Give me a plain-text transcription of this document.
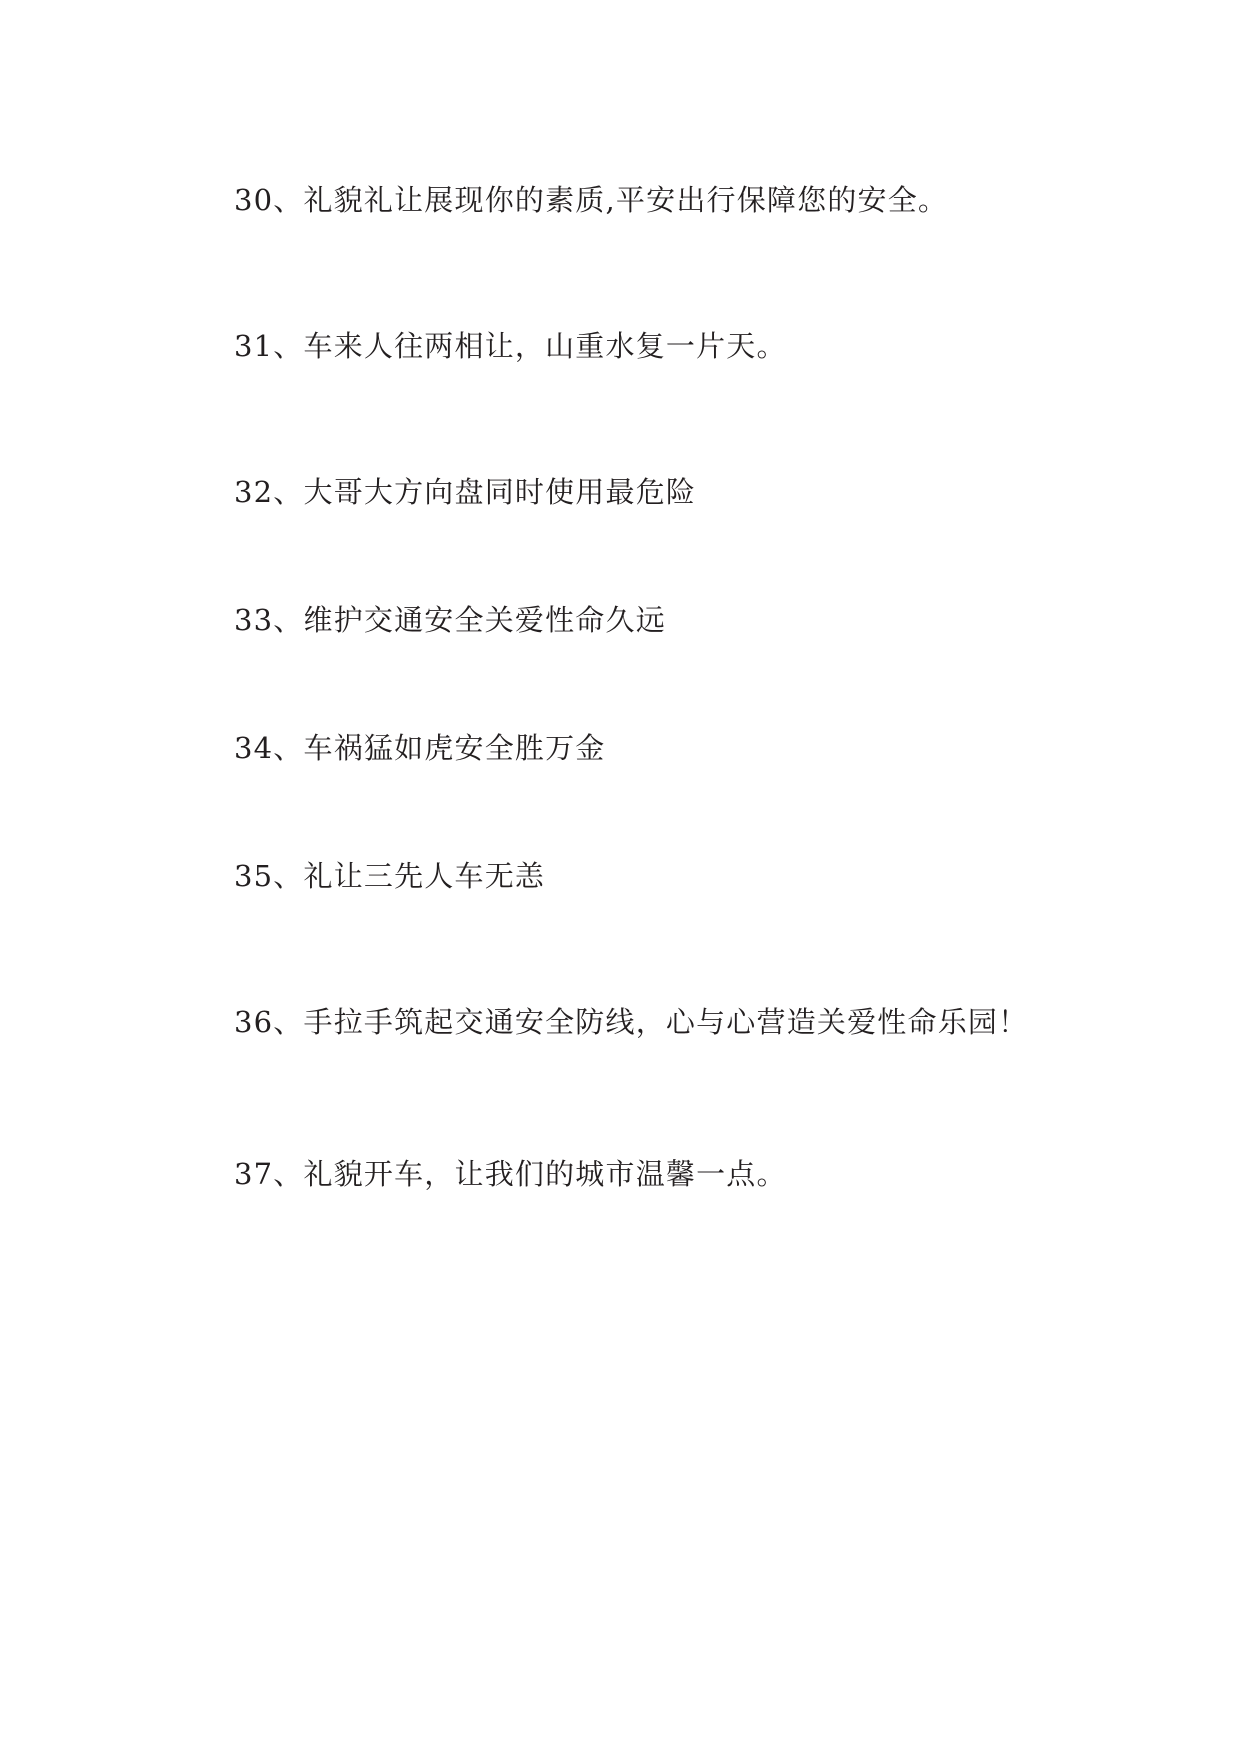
30、礼貌礼让展现你的素质,平安出行保障您的安全。

31、车来人往两相让，山重水复一片天。

32、大哥大方向盘同时使用最危险

33、维护交通安全关爱性命久远

34、车祸猛如虎安全胜万金

35、礼让三先人车无恙

36、手拉手筑起交通安全防线，心与心营造关爱性命乐园！

37、礼貌开车，让我们的城市温馨一点。
